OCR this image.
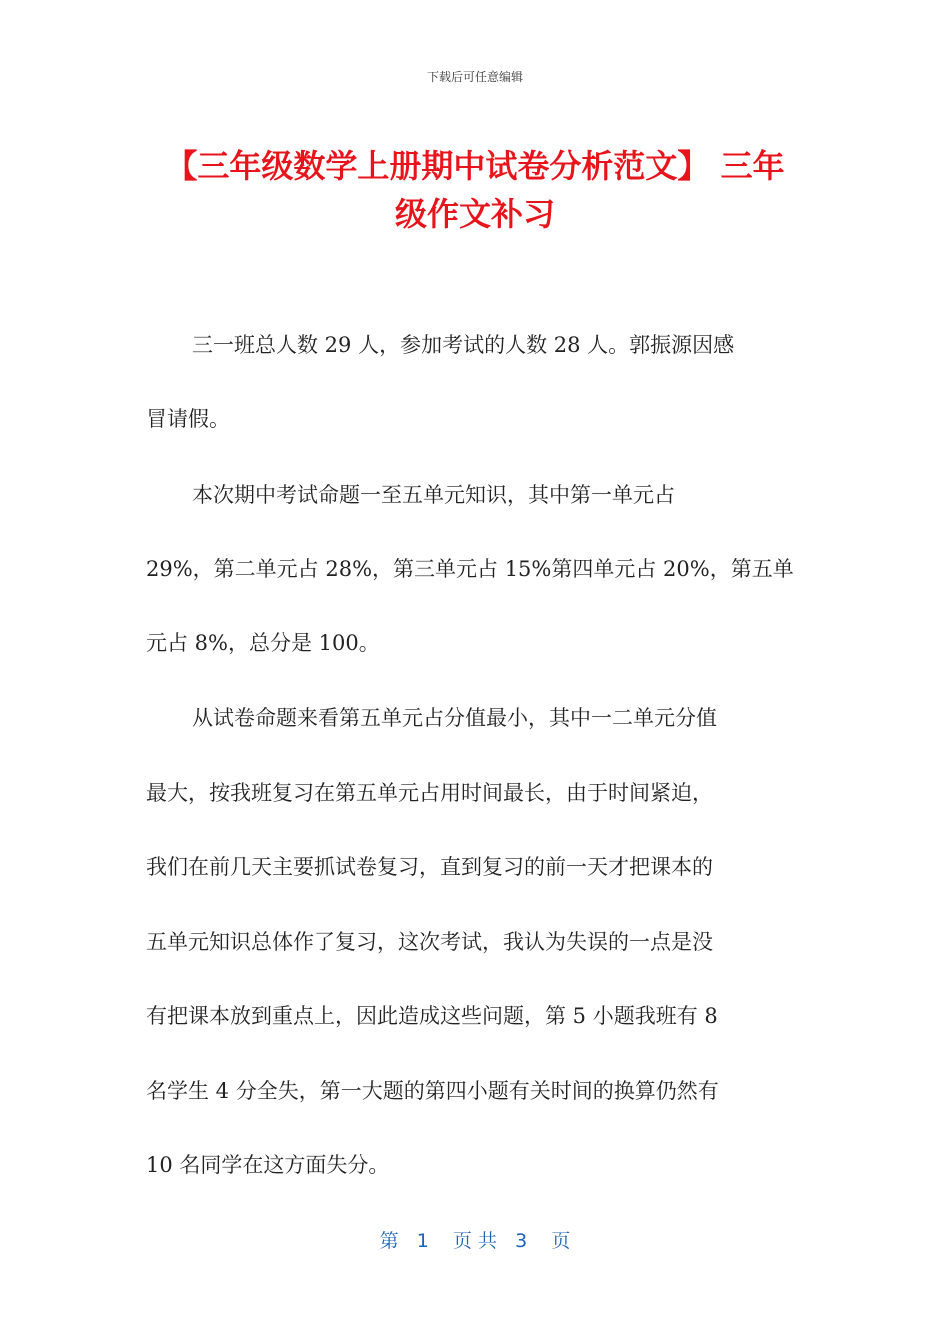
下载后可任意编辑
【三年级数学上册期中试卷分析范文】 三年
级作文补习
三一班总人数 29 人，参加考试的人数 28 人。郭振源因感
冒请假。
本次期中考试命题一至五单元知识，其中第一单元占
29%，第二单元占 28%，第三单元占 15%第四单元占 20%，第五单
元占 8%，总分是 100。
从试卷命题来看第五单元占分值最小，其中一二单元分值
最大，按我班复习在第五单元占用时间最长，由于时间紧迫，
我们在前几天主要抓试卷复习，直到复习的前一天才把课本的
五单元知识总体作了复习，这次考试，我认为失误的一点是没
有把课本放到重点上，因此造成这些问题，第 5 小题我班有 8
名学生 4 分全失，第一大题的第四小题有关时间的换算仍然有
10 名同学在这方面失分。
第   1    页 共   3    页
